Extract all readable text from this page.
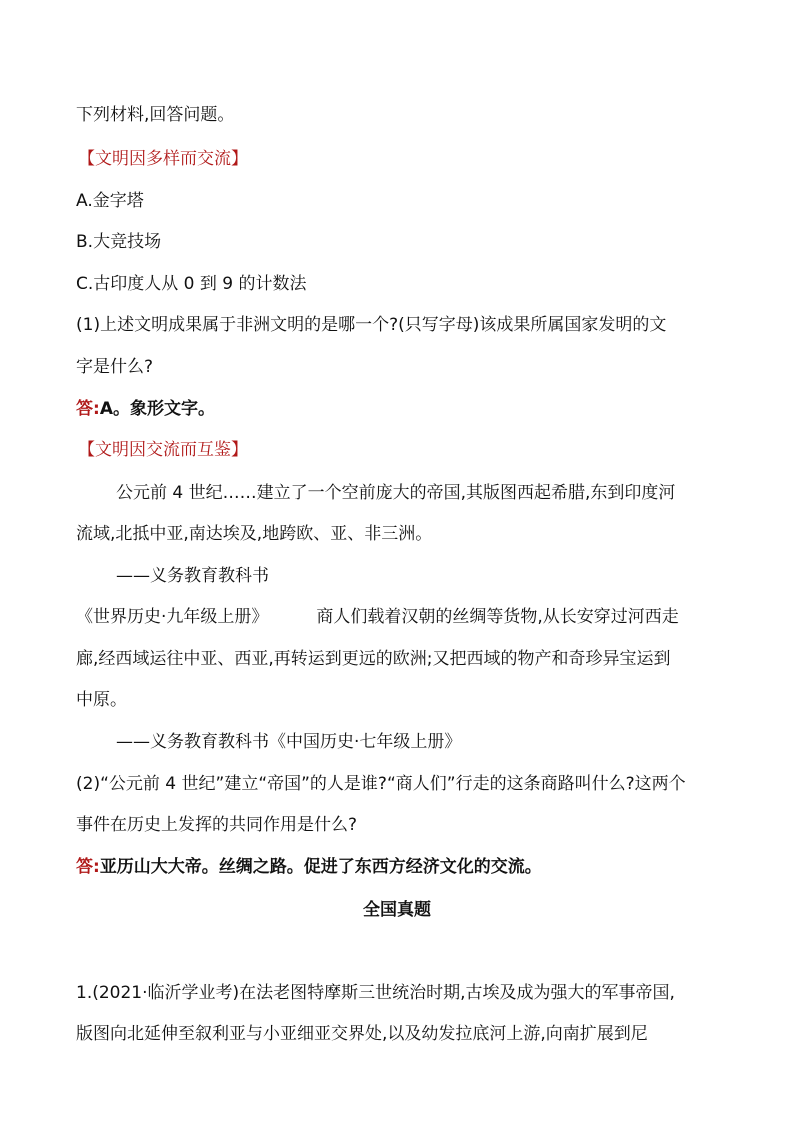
下列材料,回答问题。
【文明因多样而交流】
A.金字塔
B.大竞技场
C.古印度人从 0 到 9 的计数法
(1)上述文明成果属于非洲文明的是哪一个?(只写字母)该成果所属国家发明的文
字是什么?
答:A。象形文字。
【文明因交流而互鉴】
公元前 4 世纪……建立了一个空前庞大的帝国,其版图西起希腊,东到印度河
流域,北抵中亚,南达埃及,地跨欧、亚、非三洲。
——义务教育教科书
《世界历史·九年级上册》	商人们载着汉朝的丝绸等货物,从长安穿过河西走
廊,经西域运往中亚、西亚,再转运到更远的欧洲;又把西域的物产和奇珍异宝运到
中原。
——义务教育教科书《中国历史·七年级上册》
(2)“公元前 4 世纪”建立“帝国”的人是谁?“商人们”行走的这条商路叫什么?这两个
事件在历史上发挥的共同作用是什么?
答:亚历山大大帝。丝绸之路。促进了东西方经济文化的交流。
全国真题
1.(2021·临沂学业考)在法老图特摩斯三世统治时期,古埃及成为强大的军事帝国,
版图向北延伸至叙利亚与小亚细亚交界处,以及幼发拉底河上游,向南扩展到尼
